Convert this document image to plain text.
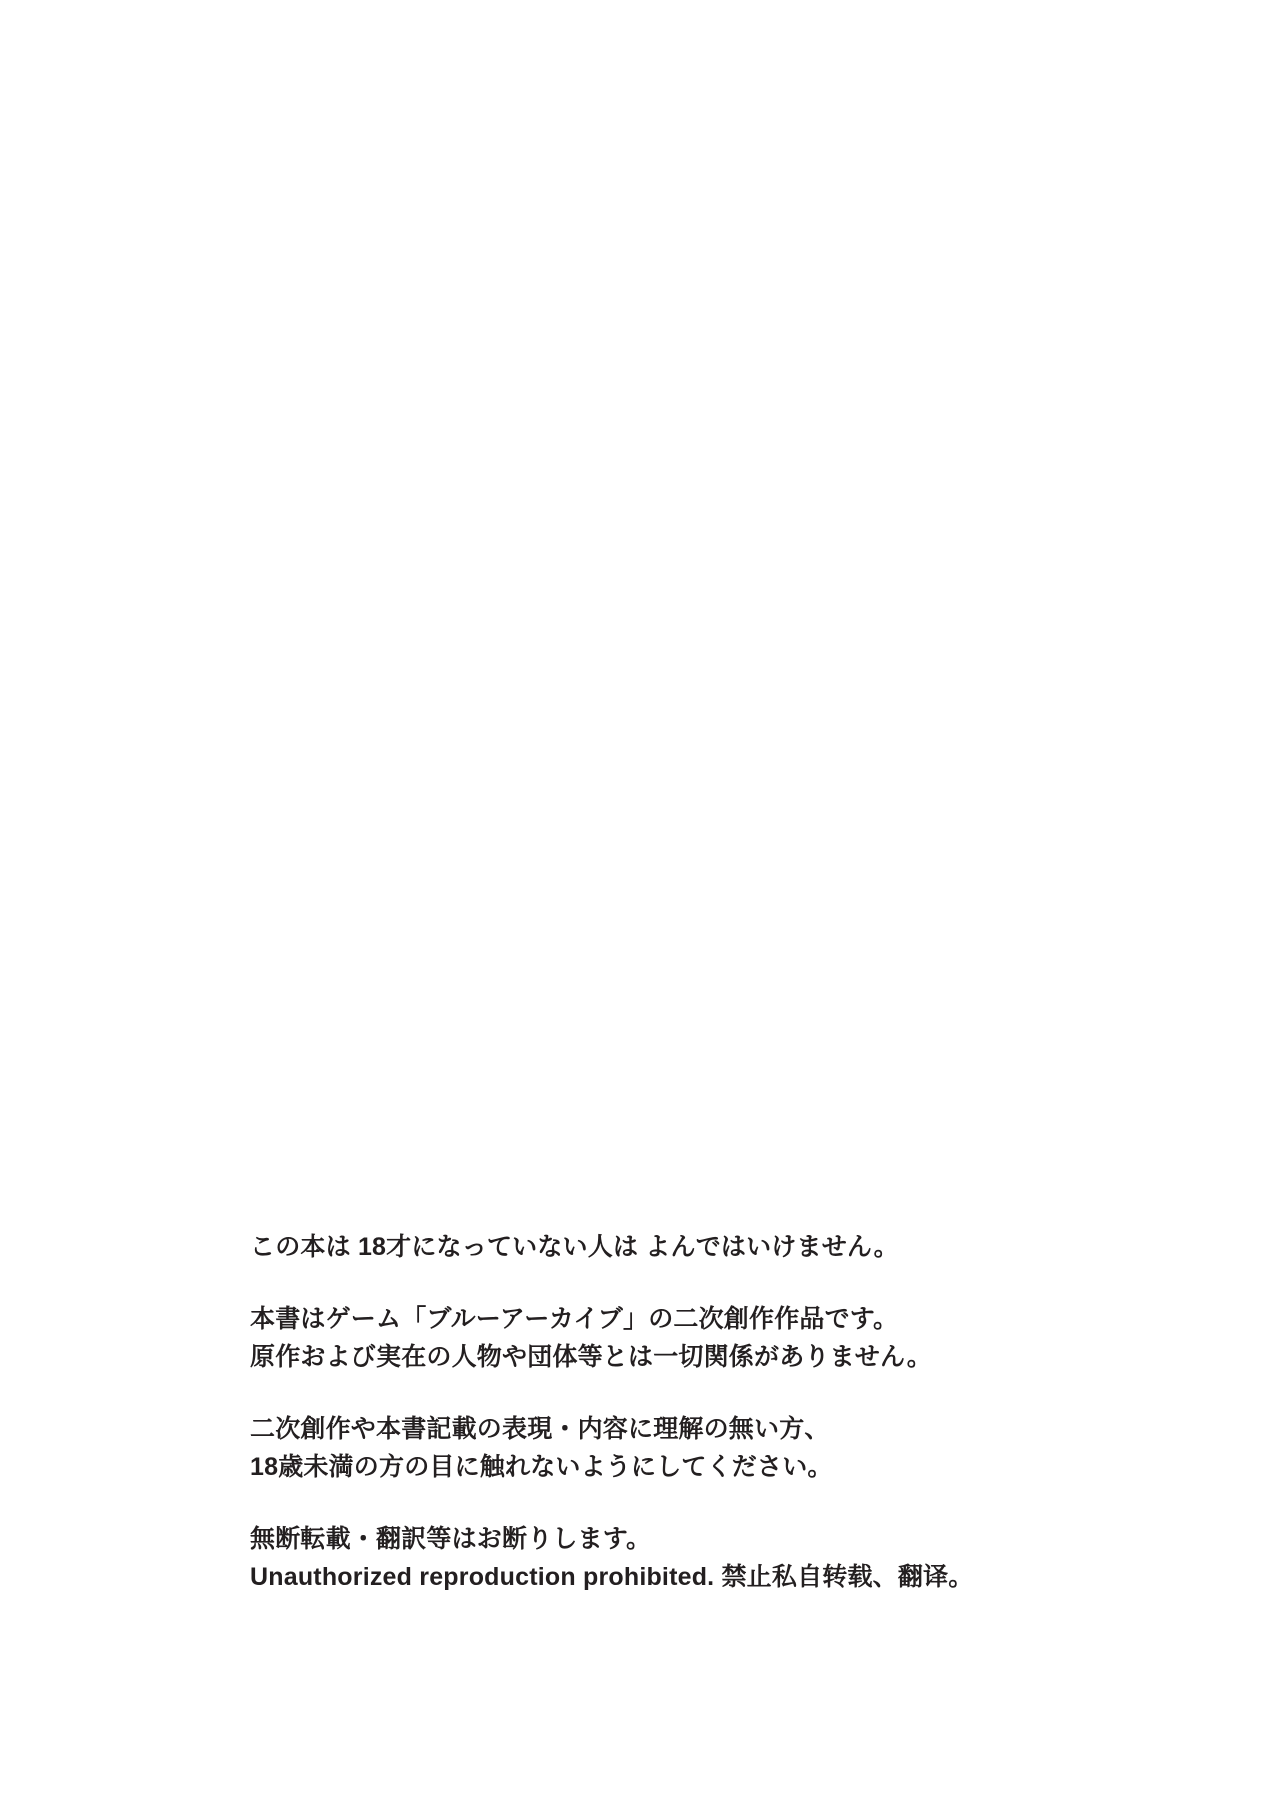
この本は 18才になっていない人は よんではいけません。
本書はゲーム「ブルーアーカイブ」の二次創作作品です。
原作および実在の人物や団体等とは一切関係がありません。
二次創作や本書記載の表現・内容に理解の無い方、
18歳未満の方の目に触れないようにしてください。
無断転載・翻訳等はお断りします。
Unauthorized reproduction prohibited. 禁止私自转载、翻译。
